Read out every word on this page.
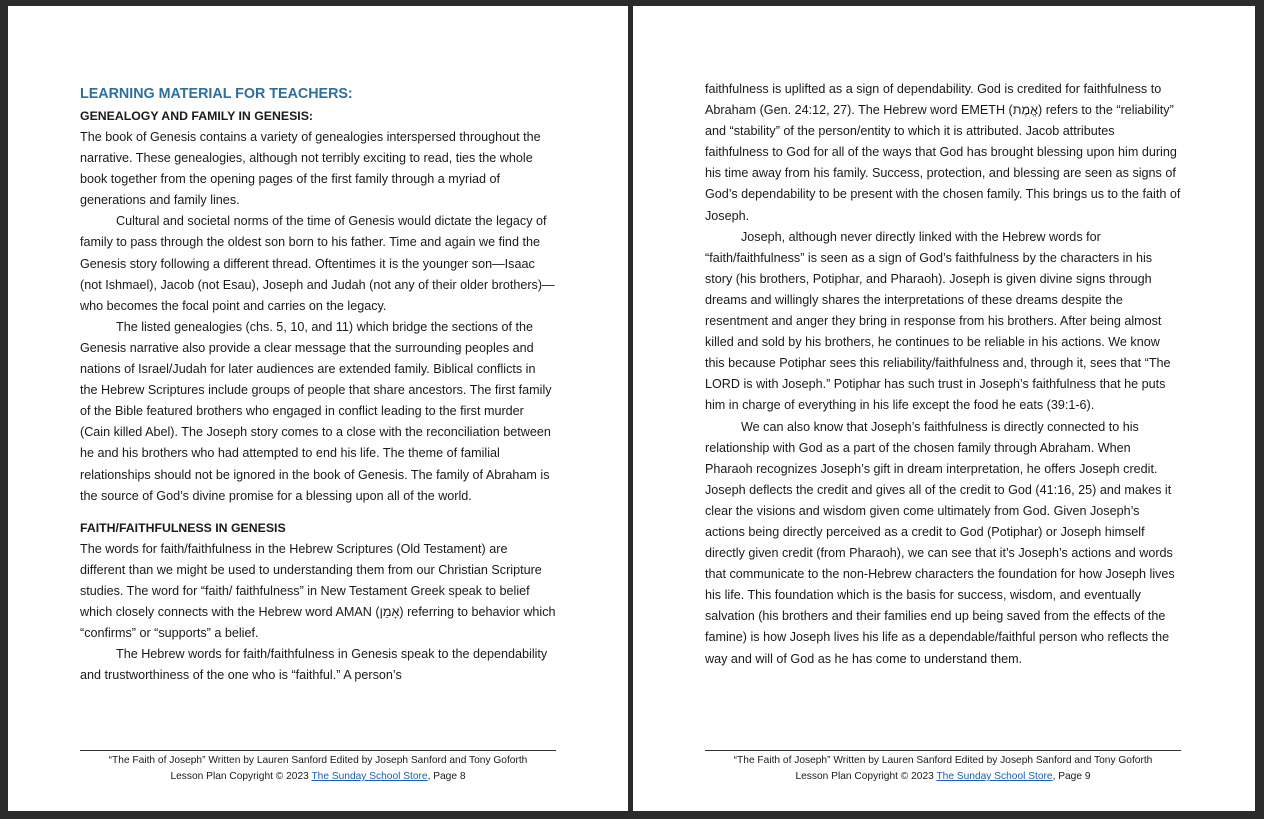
LEARNING MATERIAL FOR TEACHERS:
GENEALOGY AND FAMILY IN GENESIS:

The book of Genesis contains a variety of genealogies interspersed throughout the narrative. These genealogies, although not terribly exciting to read, ties the whole book together from the opening pages of the first family through a myriad of generations and family lines.

Cultural and societal norms of the time of Genesis would dictate the legacy of family to pass through the oldest son born to his father. Time and again we find the Genesis story following a different thread. Oftentimes it is the younger son—Isaac (not Ishmael), Jacob (not Esau), Joseph and Judah (not any of their older brothers)—who becomes the focal point and carries on the legacy.

The listed genealogies (chs. 5, 10, and 11) which bridge the sections of the Genesis narrative also provide a clear message that the surrounding peoples and nations of Israel/Judah for later audiences are extended family. Biblical conflicts in the Hebrew Scriptures include groups of people that share ancestors. The first family of the Bible featured brothers who engaged in conflict leading to the first murder (Cain killed Abel). The Joseph story comes to a close with the reconciliation between he and his brothers who had attempted to end his life. The theme of familial relationships should not be ignored in the book of Genesis. The family of Abraham is the source of God’s divine promise for a blessing upon all of the world.

FAITH/FAITHFULNESS IN GENESIS

The words for faith/faithfulness in the Hebrew Scriptures (Old Testament) are different than we might be used to understanding them from our Christian Scripture studies. The word for “faith/ faithfulness” in New Testament Greek speak to belief which closely connects with the Hebrew word AMAN (אָמֵן) referring to behavior which “confirms” or “supports” a belief.

The Hebrew words for faith/faithfulness in Genesis speak to the dependability and trustworthiness of the one who is “faithful.” A person’s

“The Faith of Joseph” Written by Lauren Sanford Edited by Joseph Sanford and Tony Goforth
Lesson Plan Copyright © 2023 The Sunday School Store, Page 8

faithfulness is uplifted as a sign of dependability. God is credited for faithfulness to Abraham (Gen. 24:12, 27). The Hebrew word EMETH (אֱמֶת) refers to the “reliability” and “stability” of the person/entity to which it is attributed. Jacob attributes faithfulness to God for all of the ways that God has brought blessing upon him during his time away from his family. Success, protection, and blessing are seen as signs of God’s dependability to be present with the chosen family. This brings us to the faith of Joseph.

Joseph, although never directly linked with the Hebrew words for “faith/faithfulness” is seen as a sign of God’s faithfulness by the characters in his story (his brothers, Potiphar, and Pharaoh). Joseph is given divine signs through dreams and willingly shares the interpretations of these dreams despite the resentment and anger they bring in response from his brothers. After being almost killed and sold by his brothers, he continues to be reliable in his actions. We know this because Potiphar sees this reliability/faithfulness and, through it, sees that “The LORD is with Joseph.” Potiphar has such trust in Joseph’s faithfulness that he puts him in charge of everything in his life except the food he eats (39:1-6).

We can also know that Joseph’s faithfulness is directly connected to his relationship with God as a part of the chosen family through Abraham. When Pharaoh recognizes Joseph’s gift in dream interpretation, he offers Joseph credit. Joseph deflects the credit and gives all of the credit to God (41:16, 25) and makes it clear the visions and wisdom given come ultimately from God. Given Joseph’s actions being directly perceived as a credit to God (Potiphar) or Joseph himself directly given credit (from Pharaoh), we can see that it’s Joseph’s actions and words that communicate to the non-Hebrew characters the foundation for how Joseph lives his life. This foundation which is the basis for success, wisdom, and eventually salvation (his brothers and their families end up being saved from the effects of the famine) is how Joseph lives his life as a dependable/faithful person who reflects the way and will of God as he has come to understand them.

“The Faith of Joseph” Written by Lauren Sanford Edited by Joseph Sanford and Tony Goforth
Lesson Plan Copyright © 2023 The Sunday School Store, Page 9
